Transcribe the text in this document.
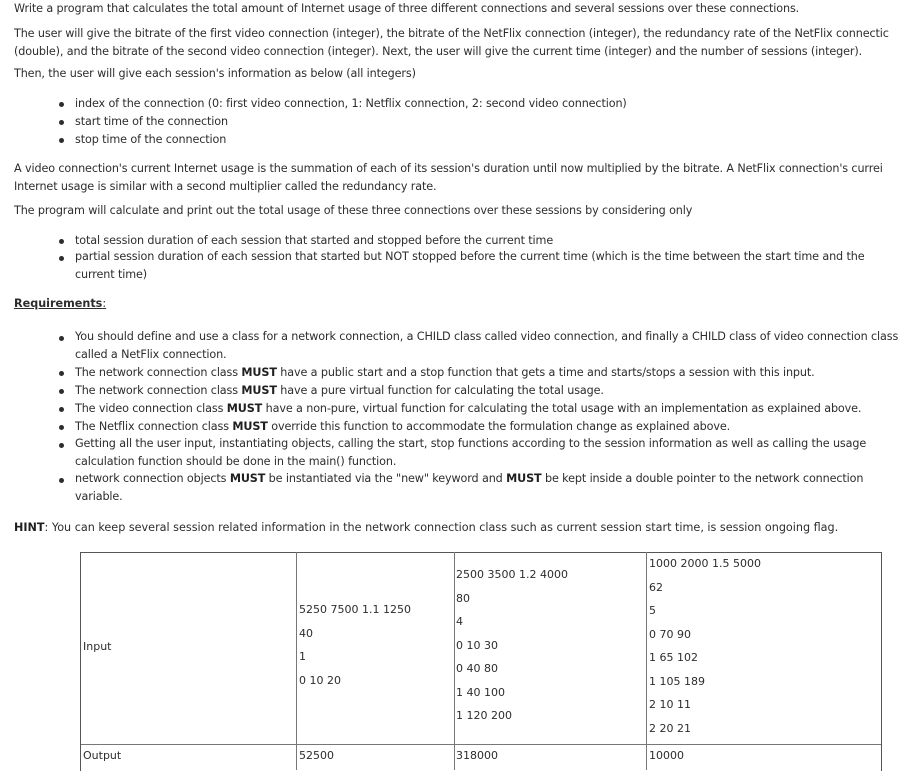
Write a program that calculates the total amount of Internet usage of three different connections and several sessions over these connections.
The user will give the bitrate of the first video connection (integer), the bitrate of the NetFlix connection (integer), the redundancy rate of the NetFlix connectic
(double), and the bitrate of the second video connection (integer). Next, the user will give the current time (integer) and the number of sessions (integer).
Then, the user will give each session's information as below (all integers)
index of the connection (0: first video connection, 1: Netflix connection, 2: second video connection)
start time of the connection
stop time of the connection
A video connection's current Internet usage is the summation of each of its session's duration until now multiplied by the bitrate. A NetFlix connection's currei
Internet usage is similar with a second multiplier called the redundancy rate.
The program will calculate and print out the total usage of these three connections over these sessions by considering only
total session duration of each session that started and stopped before the current time
partial session duration of each session that started but NOT stopped before the current time (which is the time between the start time and the current time)
Requirements:
You should define and use a class for a network connection, a CHILD class called video connection, and finally a CHILD class of video connection class called a NetFlix connection.
The network connection class MUST have a public start and a stop function that gets a time and starts/stops a session with this input.
The network connection class MUST have a pure virtual function for calculating the total usage.
The video connection class MUST have a non-pure, virtual function for calculating the total usage with an implementation as explained above.
The Netflix connection class MUST override this function to accommodate the formulation change as explained above.
Getting all the user input, instantiating objects, calling the start, stop functions according to the session information as well as calling the usage calculation function should be done in the main() function.
network connection objects MUST be instantiated via the "new" keyword and MUST be kept inside a double pointer to the network connection variable.
HINT: You can keep several session related information in the network connection class such as current session start time, is session ongoing flag.
Input
Output
5250 7500 1.1 1250
40
1
0 10 20
2500 3500 1.2 4000
80
4
0 10 30
0 40 80
1 40 100
1 120 200
1000 2000 1.5 5000
62
5
0 70 90
1 65 102
1 105 189
2 10 11
2 20 21
52500	318000	10000
